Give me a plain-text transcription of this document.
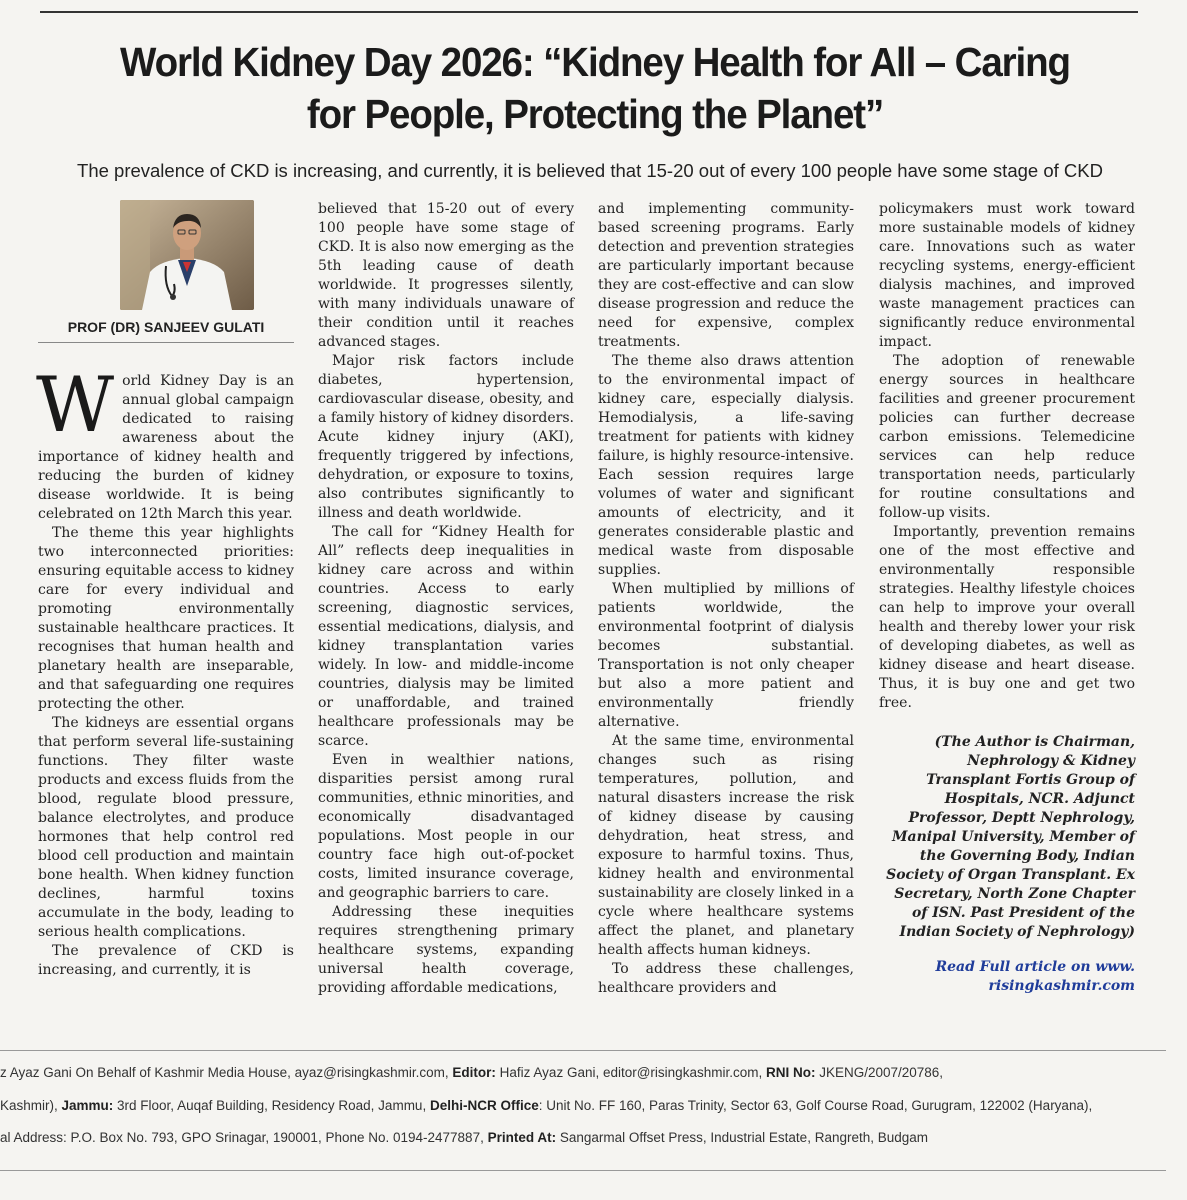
World Kidney Day 2026: “Kidney Health for All – Caring
for People, Protecting the Planet”

The prevalence of CKD is increasing, and currently, it is believed that 15-20 out of every 100 people have some stage of CKD

PROF (DR) SANJEEV GULATI

World Kidney Day is an annual global campaign dedicated to raising awareness about the importance of kidney health and reducing the burden of kidney disease worldwide. It is being celebrated on 12th March this year.

The theme this year highlights two interconnected priorities: ensuring equitable access to kidney care for every individual and promoting environmentally sustainable healthcare practices. It recognises that human health and planetary health are inseparable, and that safeguarding one requires protecting the other.

The kidneys are essential organs that perform several life-sustaining functions. They filter waste products and excess fluids from the blood, regulate blood pressure, balance electrolytes, and produce hormones that help control red blood cell production and maintain bone health. When kidney function declines, harmful toxins accumulate in the body, leading to serious health complications.

The prevalence of CKD is increasing, and currently, it is

believed that 15-20 out of every 100 people have some stage of CKD. It is also now emerging as the 5th leading cause of death worldwide. It progresses silently, with many individuals unaware of their condition until it reaches advanced stages.

Major risk factors include diabetes, hypertension, cardiovascular disease, obesity, and a family history of kidney disorders. Acute kidney injury (AKI), frequently triggered by infections, dehydration, or exposure to toxins, also contributes significantly to illness and death worldwide.

The call for “Kidney Health for All” reflects deep inequalities in kidney care across and within countries. Access to early screening, diagnostic services, essential medications, dialysis, and kidney transplantation varies widely. In low- and middle-income countries, dialysis may be limited or unaffordable, and trained healthcare professionals may be scarce.

Even in wealthier nations, disparities persist among rural communities, ethnic minorities, and economically disadvantaged populations. Most people in our country face high out-of-pocket costs, limited insurance coverage, and geographic barriers to care.

Addressing these inequities requires strengthening primary healthcare systems, expanding universal health coverage, providing affordable medications,

and implementing community-based screening programs. Early detection and prevention strategies are particularly important because they are cost-effective and can slow disease progression and reduce the need for expensive, complex treatments.

The theme also draws attention to the environmental impact of kidney care, especially dialysis. Hemodialysis, a life-saving treatment for patients with kidney failure, is highly resource-intensive. Each session requires large volumes of water and significant amounts of electricity, and it generates considerable plastic and medical waste from disposable supplies.

When multiplied by millions of patients worldwide, the environmental footprint of dialysis becomes substantial. Transportation is not only cheaper but also a more patient and environmentally friendly alternative.

At the same time, environmental changes such as rising temperatures, pollution, and natural disasters increase the risk of kidney disease by causing dehydration, heat stress, and exposure to harmful toxins. Thus, kidney health and environmental sustainability are closely linked in a cycle where healthcare systems affect the planet, and planetary health affects human kidneys.

To address these challenges, healthcare providers and

policymakers must work toward more sustainable models of kidney care. Innovations such as water recycling systems, energy-efficient dialysis machines, and improved waste management practices can significantly reduce environmental impact.

The adoption of renewable energy sources in healthcare facilities and greener procurement policies can further decrease carbon emissions. Telemedicine services can help reduce transportation needs, particularly for routine consultations and follow-up visits.

Importantly, prevention remains one of the most effective and environmentally responsible strategies. Healthy lifestyle choices can help to improve your overall health and thereby lower your risk of developing diabetes, as well as kidney disease and heart disease. Thus, it is buy one and get two free.

(The Author is Chairman, Nephrology & Kidney Transplant Fortis Group of Hospitals, NCR. Adjunct Professor, Deptt Nephrology, Manipal University, Member of the Governing Body, Indian Society of Organ Transplant. Ex Secretary, North Zone Chapter of ISN. Past President of the Indian Society of Nephrology)

Read Full article on www. risingkashmir.com

z Ayaz Gani On Behalf of Kashmir Media House, ayaz@risingkashmir.com, Editor: Hafiz Ayaz Gani, editor@risingkashmir.com, RNI No: JKENG/2007/20786,
Kashmir), Jammu: 3rd Floor, Auqaf Building, Residency Road, Jammu, Delhi-NCR Office: Unit No. FF 160, Paras Trinity, Sector 63, Golf Course Road, Gurugram, 122002 (Haryana),
al Address: P.O. Box No. 793, GPO Srinagar, 190001, Phone No. 0194-2477887, Printed At: Sangarmal Offset Press, Industrial Estate, Rangreth, Budgam
